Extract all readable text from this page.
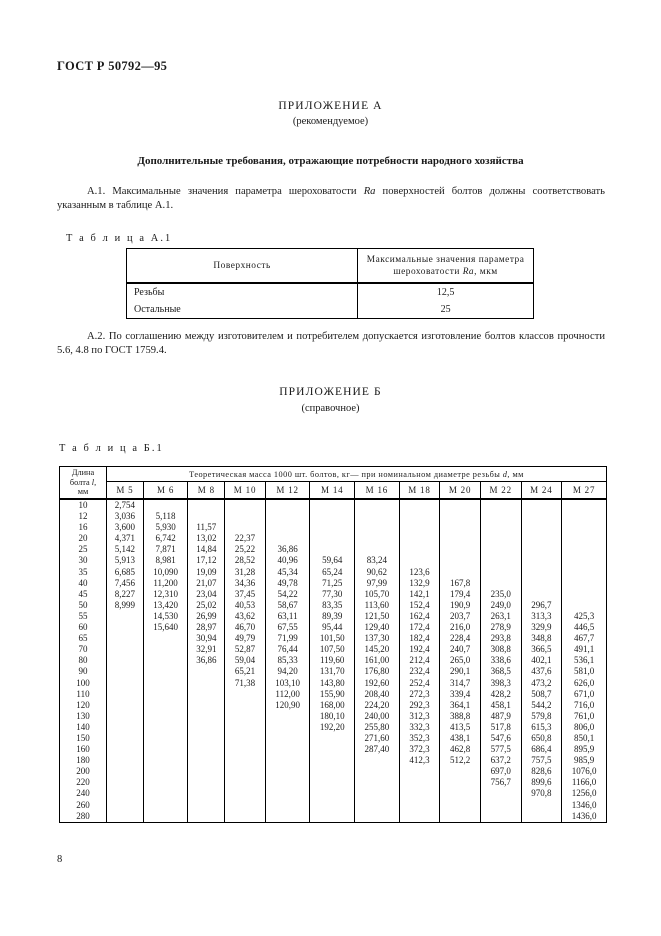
ГОСТ Р 50792—95
ПРИЛОЖЕНИЕ А
(рекомендуемое)
Дополнительные требования, отражающие потребности народного хозяйства
А.1. Максимальные значения параметра шероховатости Ra поверхностей болтов должны соответствовать указанным в таблице А.1.
Т а б л и ц а А.1
Поверхность	Максимальные значения параметра
шероховатости Ra, мкм
Резьбы	12,5
Остальные	25
А.2. По соглашению между изготовителем и потребителем допускается изготовление болтов классов прочности 5.6, 4.8 по ГОСТ 1759.4.
ПРИЛОЖЕНИЕ Б
(справочное)
Т а б л и ц а Б.1
Длина
болта l,
мм	Теоретическая масса 1000 шт. болтов, кг— при номинальном диаметре резьбы d, мм											
	M 5	M 6	M 8	M 10	M 12	M 14	M 16	M 18	M 20	M 22	M 24	M 27
10	2,754											
12	3,036	5,118										
16	3,600	5,930	11,57									
20	4,371	6,742	13,02	22,37								
25	5,142	7,871	14,84	25,22	36,86							
30	5,913	8,981	17,12	28,52	40,96	59,64	83,24					
35	6,685	10,090	19,09	31,28	45,34	65,24	90,62	123,6				
40	7,456	11,200	21,07	34,36	49,78	71,25	97,99	132,9	167,8			
45	8,227	12,310	23,04	37,45	54,22	77,30	105,70	142,1	179,4	235,0		
50	8,999	13,420	25,02	40,53	58,67	83,35	113,60	152,4	190,9	249,0	296,7	
55		14,530	26,99	43,62	63,11	89,39	121,50	162,4	203,7	263,1	313,3	425,3
60		15,640	28,97	46,70	67,55	95,44	129,40	172,4	216,0	278,9	329,9	446,5
65			30,94	49,79	71,99	101,50	137,30	182,4	228,4	293,8	348,8	467,7
70			32,91	52,87	76,44	107,50	145,20	192,4	240,7	308,8	366,5	491,1
80			36,86	59,04	85,33	119,60	161,00	212,4	265,0	338,6	402,1	536,1
90				65,21	94,20	131,70	176,80	232,4	290,1	368,5	437,6	581,0
100				71,38	103,10	143,80	192,60	252,4	314,7	398,3	473,2	626,0
110					112,00	155,90	208,40	272,3	339,4	428,2	508,7	671,0
120					120,90	168,00	224,20	292,3	364,1	458,1	544,2	716,0
130						180,10	240,00	312,3	388,8	487,9	579,8	761,0
140						192,20	255,80	332,3	413,5	517,8	615,3	806,0
150							271,60	352,3	438,1	547,6	650,8	850,1
160							287,40	372,3	462,8	577,5	686,4	895,9
180								412,3	512,2	637,2	757,5	985,9
200										697,0	828,6	1076,0
220										756,7	899,6	1166,0
240											970,8	1256,0
260												1346,0
280												1436,0
8
